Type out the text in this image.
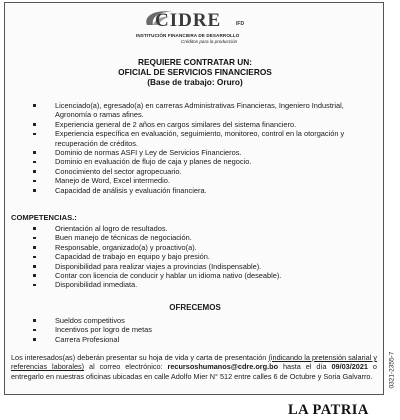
CIDRE	IFD
INSTITUCIÓN FINANCIERA DE DESARROLLO
Créditos para la producción
REQUIERE CONTRATAR UN:
OFICIAL DE SERVICIOS FINANCIEROS
(Base de trabajo: Oruro)
Licenciado(a), egresado(a) en carreras Administrativas Financieras, Ingeniero Industrial, Agronomía o ramas afines.
Experiencia general de 2 años en cargos similares del sistema financiero.
Experiencia específica en evaluación, seguimiento, monitoreo, control en la otorgación y recuperación de créditos.
Dominio de normas ASFI y Ley de Servicios Financieros.
Dominio en evaluación de flujo de caja y planes de negocio.
Conocimiento del sector agropecuario.
Manejo de Word, Excel intermedio.
Capacidad de análisis y evaluación financiera.
COMPETENCIAS.:
Orientación al logro de resultados.
Buen manejo de técnicas de negociación.
Responsable, organizado(a) y proactivo(a).
Capacidad de trabajo en equipo y bajo presión.
Disponibilidad para realizar viajes a provincias (Indispensable).
Contar con licencia de conducir y hablar un idioma nativo (deseable).
Disponibilidad inmediata.
OFRECEMOS
Sueldos competitivos
Incentivos por logro de metas
Carrera Profesional
Los interesados(as) deberán presentar su hoja de vida y carta de presentación (indicando la pretensión salarial y referencias laborales) al correo electrónico: recursoshumanos@cdre.org.bo hasta el día 09/03/2021 o entregarlo en nuestras oficinas ubicadas en calle Adolfo Mier N° 512 entre calles 6 de Octubre y Soria Galvarro.	0321-2355-7
LA PATRIA
